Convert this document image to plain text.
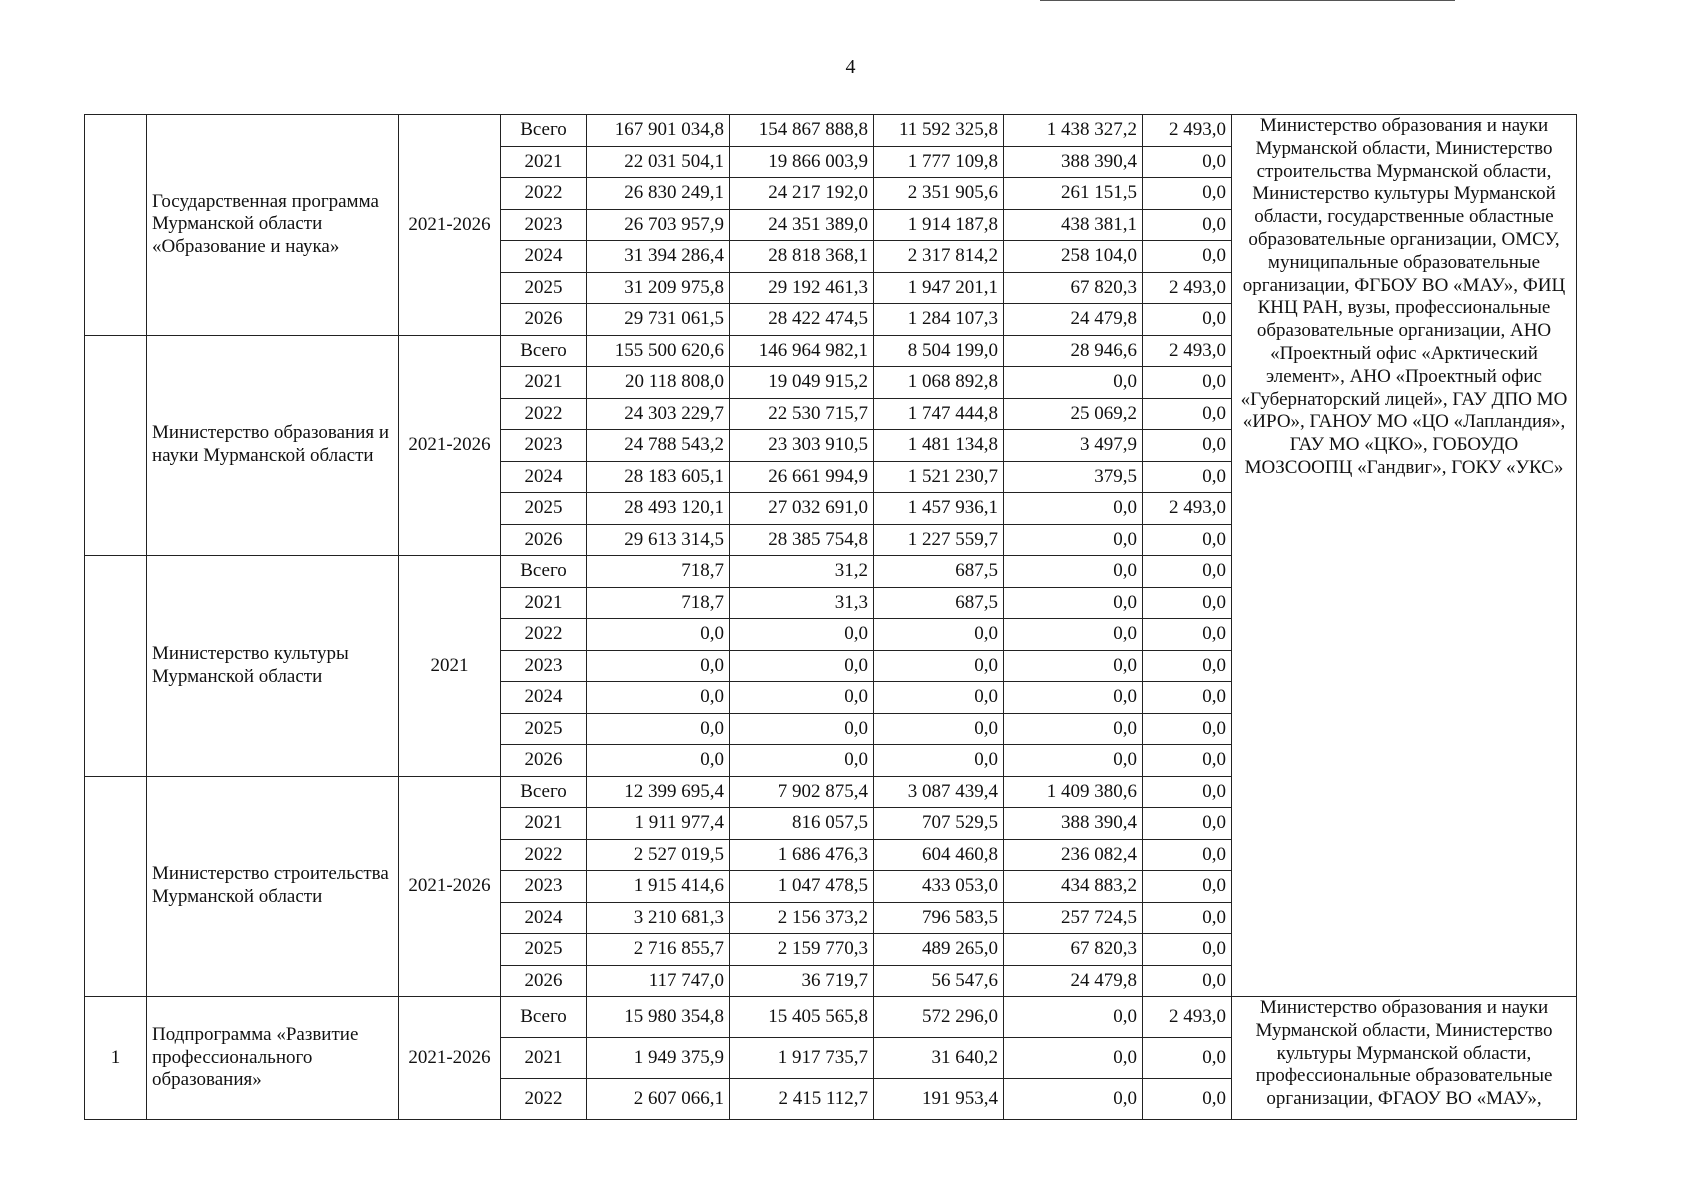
4
	Государственная программа Мурманской области «Образование и наука»	2021-2026	Всего	167 901 034,8	154 867 888,8	11 592 325,8	1 438 327,2	2 493,0	Министерство образования и науки Мурманской области, Министерство строительства Мурманской области, Министерство культуры Мурманской области, государственные областные образовательные организации, ОМСУ, муниципальные образовательные организации, ФГБОУ ВО «МАУ», ФИЦ КНЦ РАН, вузы, профессиональные образовательные организации, АНО «Проектный офис «Арктический элемент», АНО «Проектный офис «Губернаторский лицей», ГАУ ДПО МО «ИРО», ГАНОУ МО «ЦО «Лапландия», ГАУ МО «ЦКО», ГОБОУДО МОЗСООПЦ «Гандвиг», ГОКУ «УКС»
			2021	22 031 504,1	19 866 003,9	1 777 109,8	388 390,4	0,0	
			2022	26 830 249,1	24 217 192,0	2 351 905,6	261 151,5	0,0	
			2023	26 703 957,9	24 351 389,0	1 914 187,8	438 381,1	0,0	
			2024	31 394 286,4	28 818 368,1	2 317 814,2	258 104,0	0,0	
			2025	31 209 975,8	29 192 461,3	1 947 201,1	67 820,3	2 493,0	
			2026	29 731 061,5	28 422 474,5	1 284 107,3	24 479,8	0,0	
	Министерство образования и науки Мурманской области	2021-2026	Всего	155 500 620,6	146 964 982,1	8 504 199,0	28 946,6	2 493,0	
			2021	20 118 808,0	19 049 915,2	1 068 892,8	0,0	0,0	
			2022	24 303 229,7	22 530 715,7	1 747 444,8	25 069,2	0,0	
			2023	24 788 543,2	23 303 910,5	1 481 134,8	3 497,9	0,0	
			2024	28 183 605,1	26 661 994,9	1 521 230,7	379,5	0,0	
			2025	28 493 120,1	27 032 691,0	1 457 936,1	0,0	2 493,0	
			2026	29 613 314,5	28 385 754,8	1 227 559,7	0,0	0,0	
	Министерство культуры Мурманской области	2021	Всего	718,7	31,2	687,5	0,0	0,0	
			2021	718,7	31,3	687,5	0,0	0,0	
			2022	0,0	0,0	0,0	0,0	0,0	
			2023	0,0	0,0	0,0	0,0	0,0	
			2024	0,0	0,0	0,0	0,0	0,0	
			2025	0,0	0,0	0,0	0,0	0,0	
			2026	0,0	0,0	0,0	0,0	0,0	
	Министерство строительства Мурманской области	2021-2026	Всего	12 399 695,4	7 902 875,4	3 087 439,4	1 409 380,6	0,0	
			2021	1 911 977,4	816 057,5	707 529,5	388 390,4	0,0	
			2022	2 527 019,5	1 686 476,3	604 460,8	236 082,4	0,0	
			2023	1 915 414,6	1 047 478,5	433 053,0	434 883,2	0,0	
			2024	3 210 681,3	2 156 373,2	796 583,5	257 724,5	0,0	
			2025	2 716 855,7	2 159 770,3	489 265,0	67 820,3	0,0	
			2026	117 747,0	36 719,7	56 547,6	24 479,8	0,0	
1	Подпрограмма «Развитие профессионального образования»	2021-2026	Всего	15 980 354,8	15 405 565,8	572 296,0	0,0	2 493,0	Министерство образования и науки Мурманской области, Министерство культуры Мурманской области, профессиональные образовательные организации, ФГАОУ ВО «МАУ»,
			2021	1 949 375,9	1 917 735,7	31 640,2	0,0	0,0	
			2022	2 607 066,1	2 415 112,7	191 953,4	0,0	0,0	
